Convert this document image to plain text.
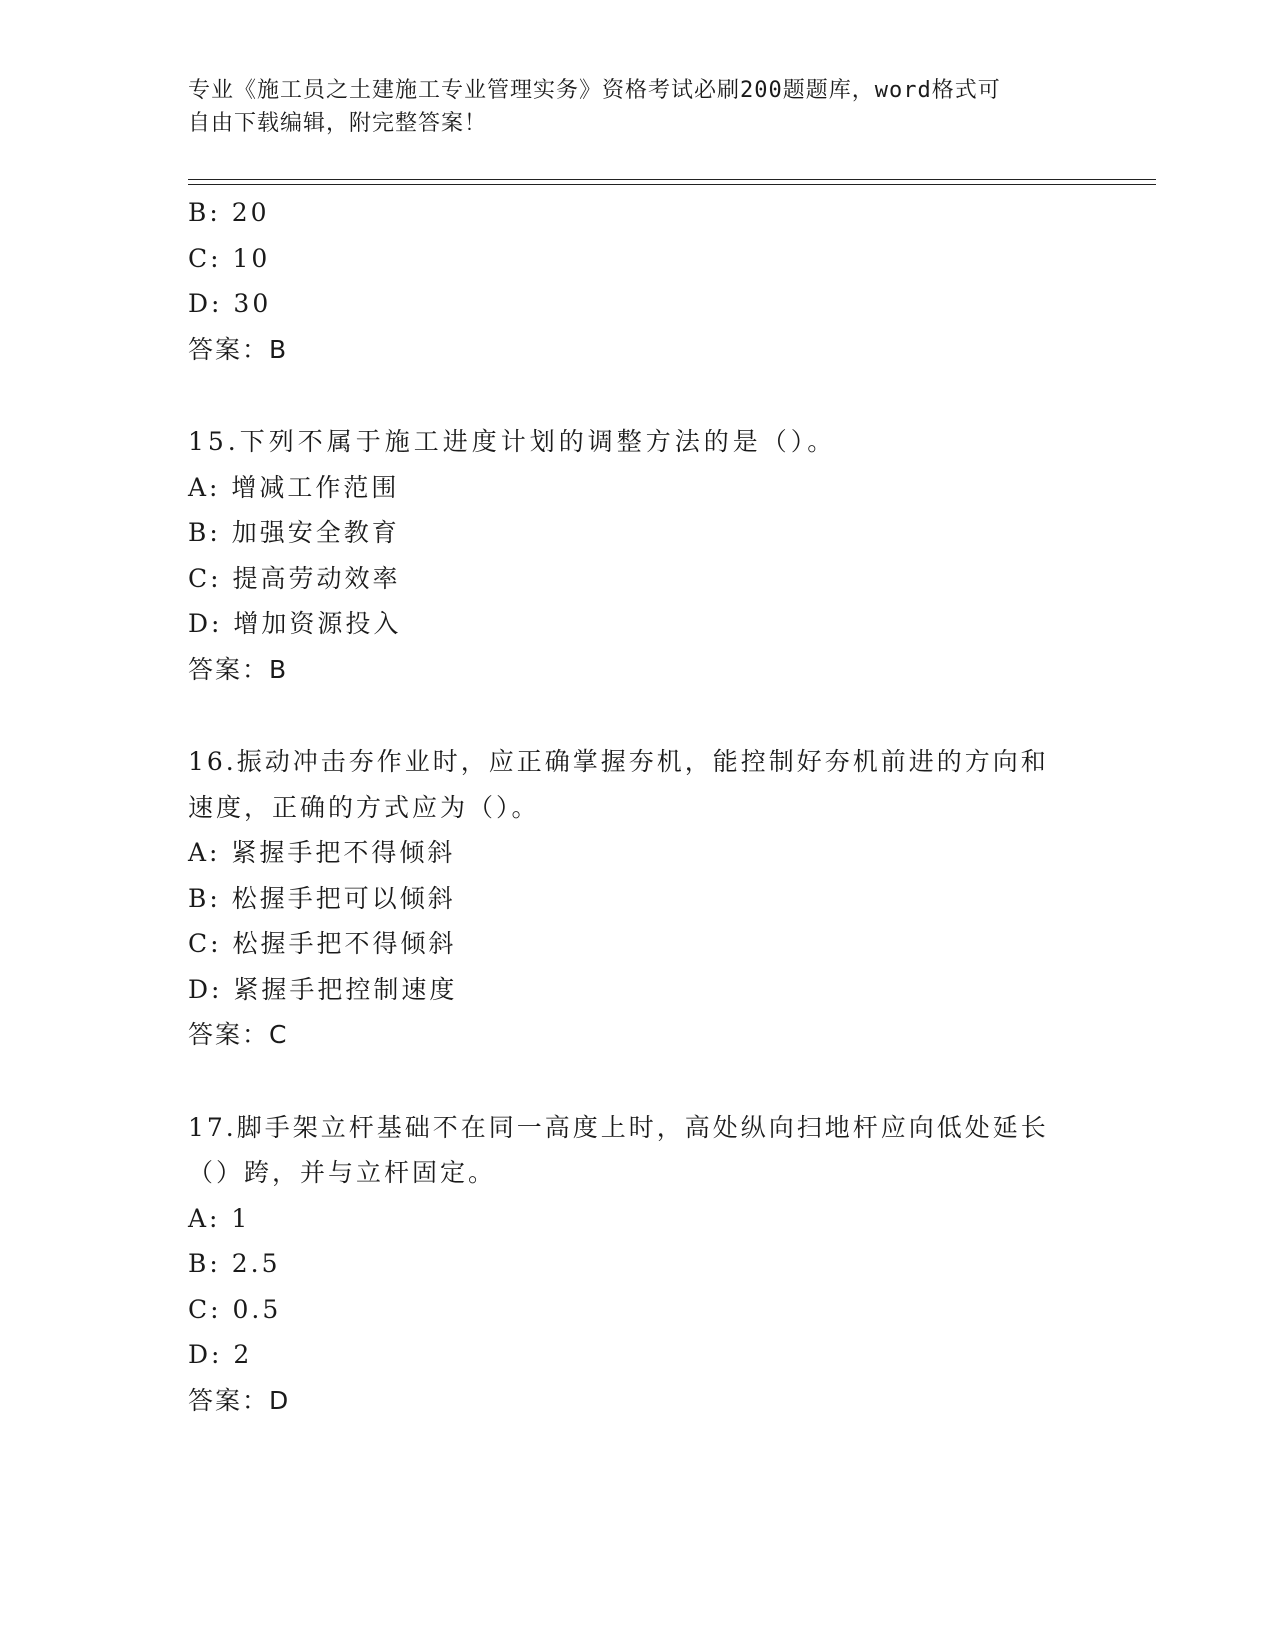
专业《施工员之土建施工专业管理实务》资格考试必刷200题题库，word格式可
自由下载编辑，附完整答案！
B: 20
C: 10
D: 30
答案：B
15.下列不属于施工进度计划的调整方法的是（）。
A: 增减工作范围
B: 加强安全教育
C: 提高劳动效率
D: 增加资源投入
答案：B
16.振动冲击夯作业时，应正确掌握夯机，能控制好夯机前进的方向和
速度，正确的方式应为（）。
A: 紧握手把不得倾斜
B: 松握手把可以倾斜
C: 松握手把不得倾斜
D: 紧握手把控制速度
答案：C
17.脚手架立杆基础不在同一高度上时，高处纵向扫地杆应向低处延长
（）跨，并与立杆固定。
A: 1
B: 2.5
C: 0.5
D: 2
答案：D
